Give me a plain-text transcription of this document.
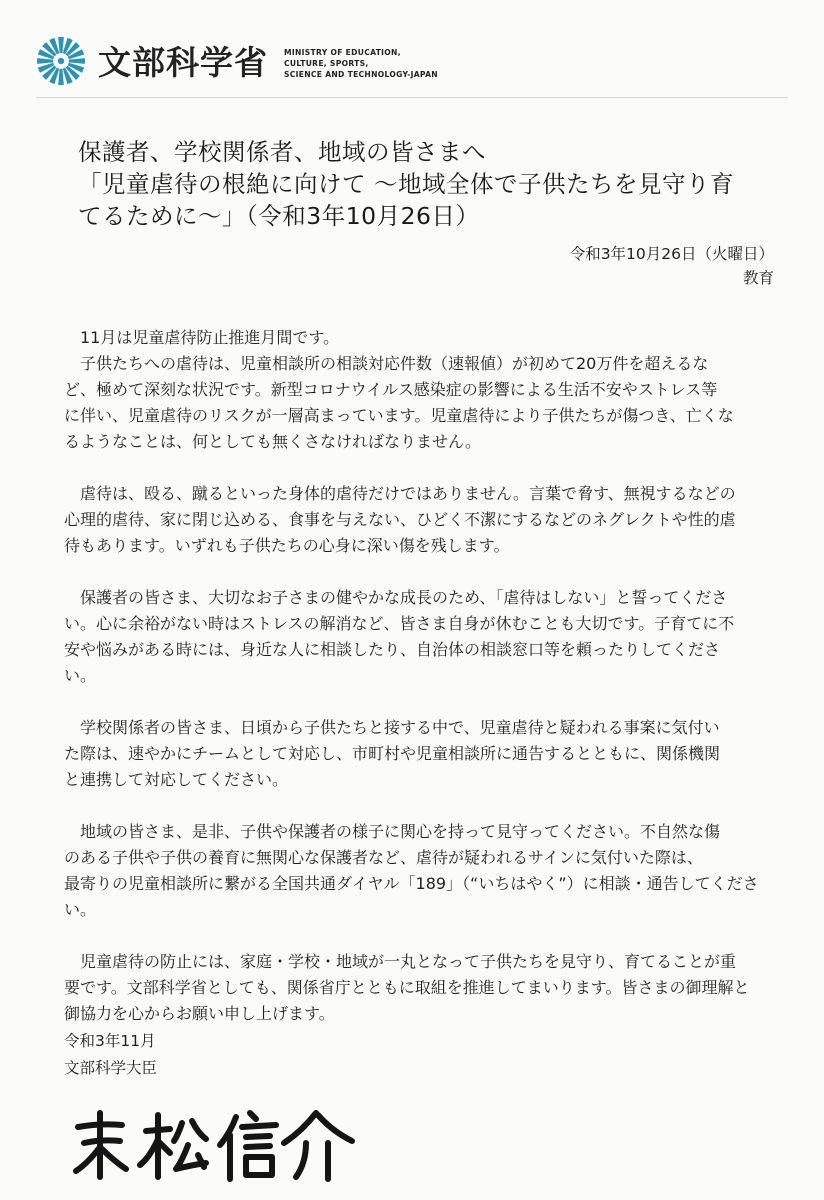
文部科学省 MINISTRY OF EDUCATION,
CULTURE, SPORTS,
SCIENCE AND TECHNOLOGY-JAPAN
保護者、学校関係者、地域の皆さまへ
「児童虐待の根絶に向けて ～地域全体で子供たちを見守り育
てるために～」（令和3年10月26日）
令和3年10月26日（火曜日）
教育
　11月は児童虐待防止推進月間です。
　子供たちへの虐待は、児童相談所の相談対応件数（速報値）が初めて20万件を超えるな
ど、極めて深刻な状況です。新型コロナウイルス感染症の影響による生活不安やストレス等
に伴い、児童虐待のリスクが一層高まっています。児童虐待により子供たちが傷つき、亡くな
るようなことは、何としても無くさなければなりません。
　虐待は、殴る、蹴るといった身体的虐待だけではありません。言葉で脅す、無視するなどの
心理的虐待、家に閉じ込める、食事を与えない、ひどく不潔にするなどのネグレクトや性的虐
待もあります。いずれも子供たちの心身に深い傷を残します。
　保護者の皆さま、大切なお子さまの健やかな成長のため、「虐待はしない」と誓ってくださ
い。心に余裕がない時はストレスの解消など、皆さま自身が休むことも大切です。子育てに不
安や悩みがある時には、身近な人に相談したり、自治体の相談窓口等を頼ったりしてくださ
い。
　学校関係者の皆さま、日頃から子供たちと接する中で、児童虐待と疑われる事案に気付い
た際は、速やかにチームとして対応し、市町村や児童相談所に通告するとともに、関係機関
と連携して対応してください。
　地域の皆さま、是非、子供や保護者の様子に関心を持って見守ってください。不自然な傷
のある子供や子供の養育に無関心な保護者など、虐待が疑われるサインに気付いた際は、
最寄りの児童相談所に繋がる全国共通ダイヤル「189」（“いちはやく”）に相談・通告してくださ
い。
　児童虐待の防止には、家庭・学校・地域が一丸となって子供たちを見守り、育てることが重
要です。文部科学省としても、関係省庁とともに取組を推進してまいります。皆さまの御理解と
御協力を心からお願い申し上げます。
令和3年11月
文部科学大臣
